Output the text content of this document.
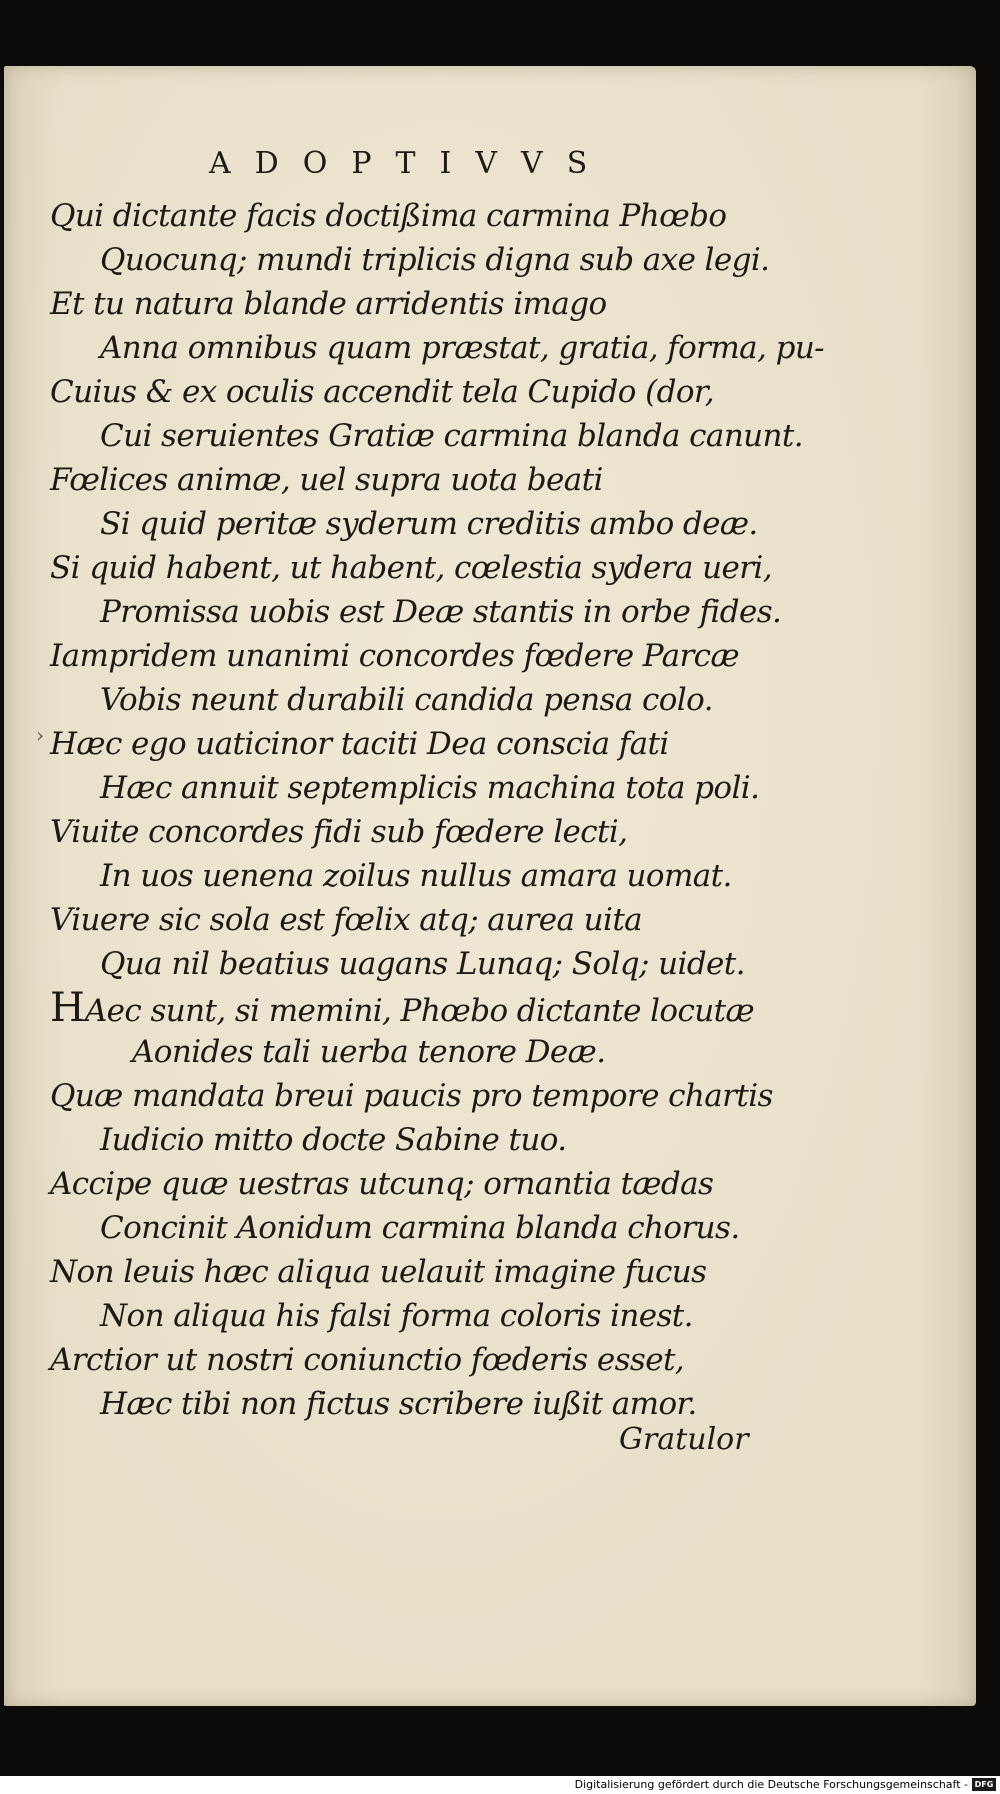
ADOPTIVVS
›
Qui dictante facis doctißima carmina Phœbo
Quocunq; mundi triplicis digna sub axe legi.
Et tu natura blande arridentis imago
Anna omnibus quam præstat, gratia, forma, pu-
Cuius & ex oculis accendit tela Cupido (dor,
Cui seruientes Gratiæ carmina blanda canunt.
Fœlices animæ, uel supra uota beati
Si quid peritæ syderum creditis ambo deæ.
Si quid habent, ut habent, cœlestia sydera ueri,
Promissa uobis est Deæ stantis in orbe fides.
Iampridem unanimi concordes fœdere Parcæ
Vobis neunt durabili candida pensa colo.
Hæc ego uaticinor taciti Dea conscia fati
Hæc annuit septemplicis machina tota poli.
Viuite concordes fidi sub fœdere lecti,
In uos uenena zoilus nullus amara uomat.
Viuere sic sola est fœlix atq; aurea uita
Qua nil beatius uagans Lunaq; Solq; uidet.
HAec sunt, si memini, Phœbo dictante locutæ
Aonides tali uerba tenore Deæ.
Quæ mandata breui paucis pro tempore chartis
Iudicio mitto docte Sabine tuo.
Accipe quæ uestras utcunq; ornantia tædas
Concinit Aonidum carmina blanda chorus.
Non leuis hæc aliqua uelauit imagine fucus
Non aliqua his falsi forma coloris inest.
Arctior ut nostri coniunctio fœderis esset,
Hæc tibi non fictus scribere iußit amor.
Gratulor
Digitalisierung gefördert durch die Deutsche Forschungsgemeinschaft - DFG
